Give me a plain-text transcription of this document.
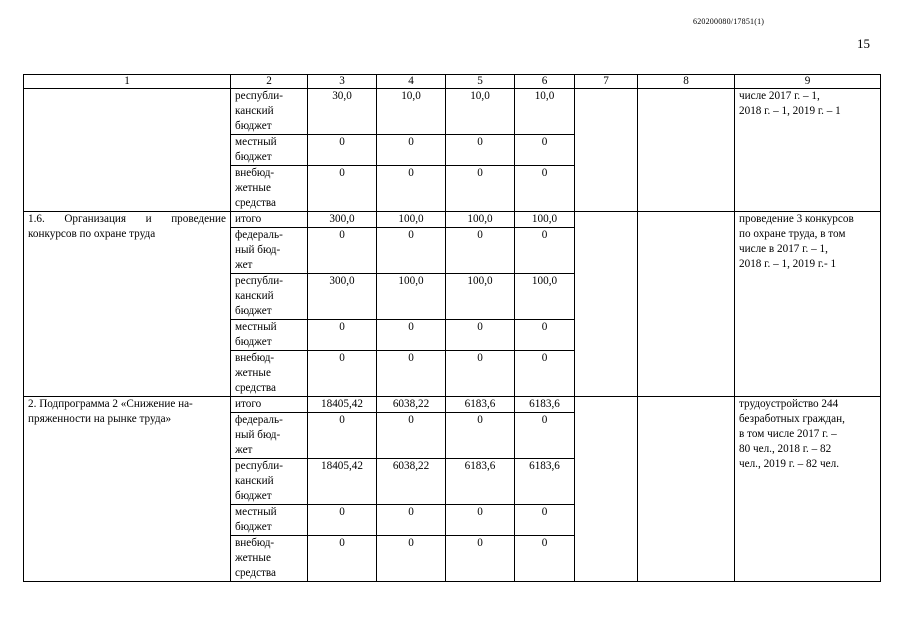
620200080/17851(1)
15
1	2	3	4	5	6	7	8	9
	республи-
канский
бюджет	30,0	10,0	10,0	10,0			числе 2017 г. – 1,
2018 г. – 1, 2019 г. – 1
	местный
бюджет	0	0	0	0			
	внебюд-
жетные
средства	0	0	0	0			
1.6. Организация и проведение конкурсов по охране труда	итого	300,0	100,0	100,0	100,0			проведение 3 конкурсов
по охране труда, в том
числе в 2017 г. – 1,
2018 г. – 1, 2019 г.- 1
	федераль-
ный бюд-
жет	0	0	0	0			
	республи-
канский
бюджет	300,0	100,0	100,0	100,0			
	местный
бюджет	0	0	0	0			
	внебюд-
жетные
средства	0	0	0	0			
2. Подпрограмма 2 «Снижение на-
пряженности на рынке труда»	итого	18405,42	6038,22	6183,6	6183,6			трудоустройство 244
безработных граждан,
в том числе 2017 г. –
80 чел., 2018 г. – 82
чел., 2019 г. – 82 чел.
	федераль-
ный бюд-
жет	0	0	0	0			
	республи-
канский
бюджет	18405,42	6038,22	6183,6	6183,6			
	местный
бюджет	0	0	0	0			
	внебюд-
жетные
средства	0	0	0	0			
